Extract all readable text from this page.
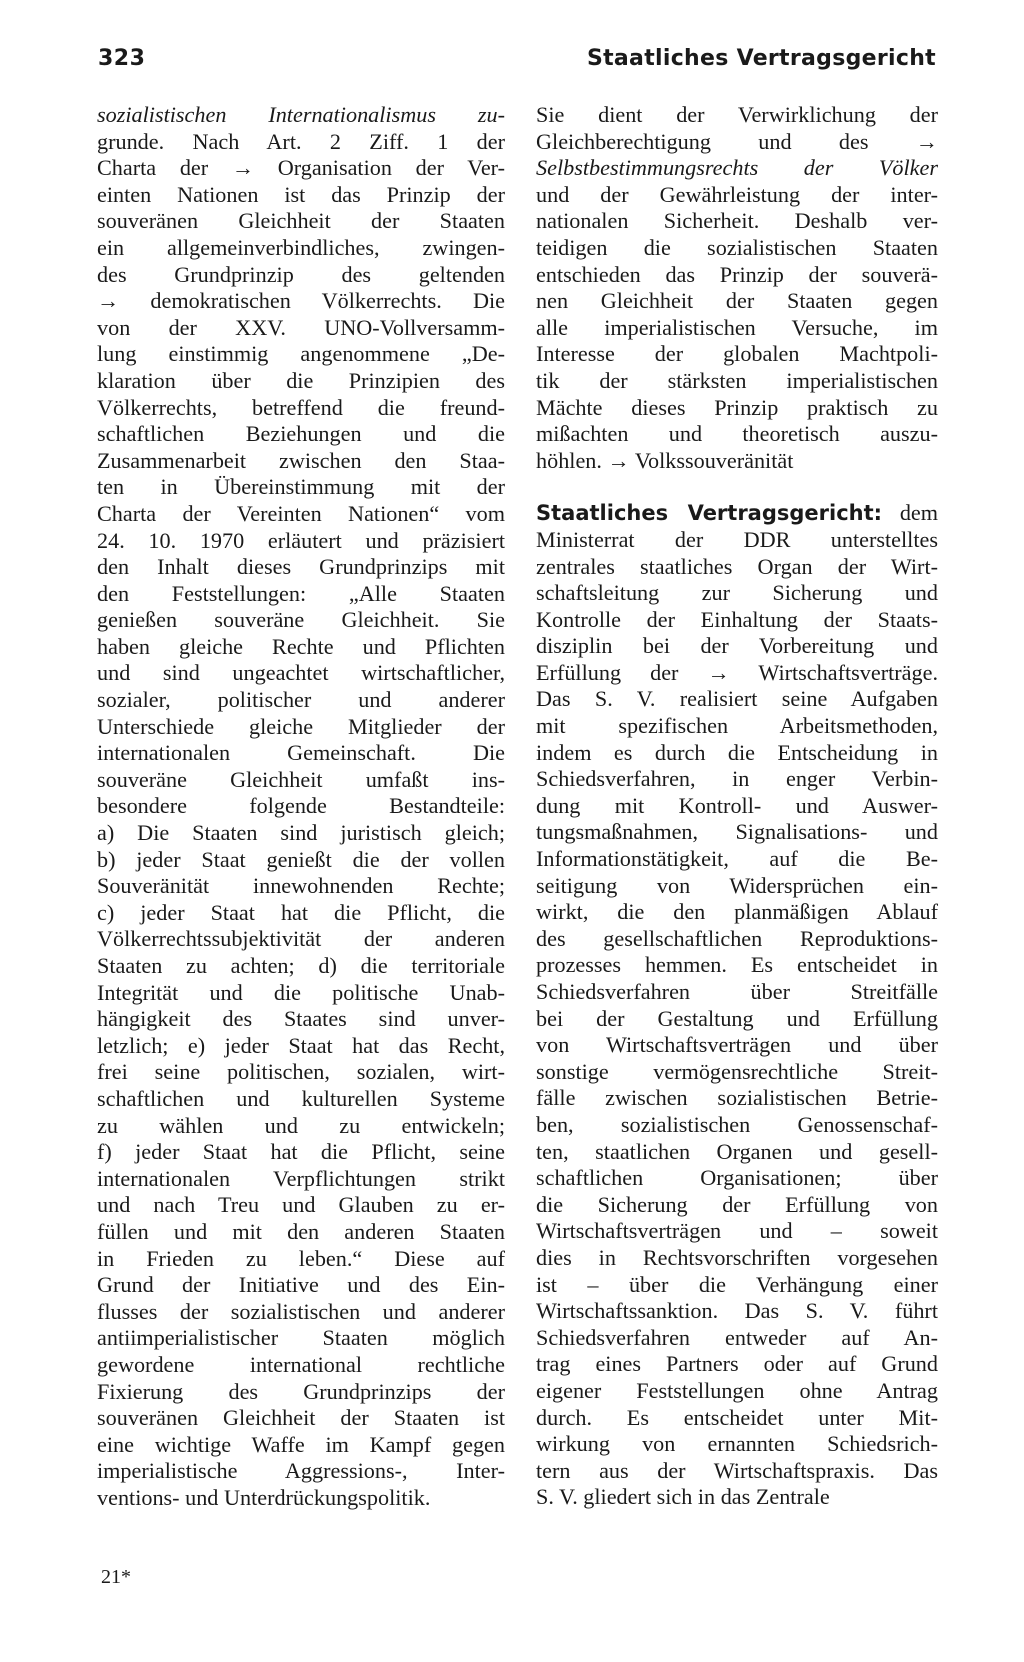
323	Staatliches Vertragsgericht
sozialistischen Internationalismus zu-
grunde. Nach Art. 2 Ziff. 1 der
Charta der → Organisation der Ver-
einten Nationen ist das Prinzip der
souveränen Gleichheit der Staaten
ein allgemeinverbindliches, zwingen-
des Grundprinzip des geltenden
→ demokratischen Völkerrechts. Die
von der XXV. UNO-Vollversamm-
lung einstimmig angenommene „De-
klaration über die Prinzipien des
Völkerrechts, betreffend die freund-
schaftlichen Beziehungen und die
Zusammenarbeit zwischen den Staa-
ten in Übereinstimmung mit der
Charta der Vereinten Nationen“ vom
24. 10. 1970 erläutert und präzisiert
den Inhalt dieses Grundprinzips mit
den Feststellungen: „Alle Staaten
genießen souveräne Gleichheit. Sie
haben gleiche Rechte und Pflichten
und sind ungeachtet wirtschaftlicher,
sozialer, politischer und anderer
Unterschiede gleiche Mitglieder der
internationalen Gemeinschaft. Die
souveräne Gleichheit umfaßt ins-
besondere folgende Bestandteile:
a) Die Staaten sind juristisch gleich;
b) jeder Staat genießt die der vollen
Souveränität innewohnenden Rechte;
c) jeder Staat hat die Pflicht, die
Völkerrechtssubjektivität der anderen
Staaten zu achten; d) die territoriale
Integrität und die politische Unab-
hängigkeit des Staates sind unver-
letzlich; e) jeder Staat hat das Recht,
frei seine politischen, sozialen, wirt-
schaftlichen und kulturellen Systeme
zu wählen und zu entwickeln;
f) jeder Staat hat die Pflicht, seine
internationalen Verpflichtungen strikt
und nach Treu und Glauben zu er-
füllen und mit den anderen Staaten
in Frieden zu leben.“ Diese auf
Grund der Initiative und des Ein-
flusses der sozialistischen und anderer
antiimperialistischer Staaten möglich
gewordene international rechtliche
Fixierung des Grundprinzips der
souveränen Gleichheit der Staaten ist
eine wichtige Waffe im Kampf gegen
imperialistische Aggressions-, Inter-
ventions- und Unterdrückungspolitik.
Sie dient der Verwirklichung der
Gleichberechtigung und des →
Selbstbestimmungsrechts der Völker
und der Gewährleistung der inter-
nationalen Sicherheit. Deshalb ver-
teidigen die sozialistischen Staaten
entschieden das Prinzip der souverä-
nen Gleichheit der Staaten gegen
alle imperialistischen Versuche, im
Interesse der globalen Machtpoli-
tik der stärksten imperialistischen
Mächte dieses Prinzip praktisch zu
mißachten und theoretisch auszu-
höhlen. → Volkssouveränität
Staatliches Vertragsgericht: dem
Ministerrat der DDR unterstelltes
zentrales staatliches Organ der Wirt-
schaftsleitung zur Sicherung und
Kontrolle der Einhaltung der Staats-
disziplin bei der Vorbereitung und
Erfüllung der → Wirtschaftsverträge.
Das S. V. realisiert seine Aufgaben
mit spezifischen Arbeitsmethoden,
indem es durch die Entscheidung in
Schiedsverfahren, in enger Verbin-
dung mit Kontroll- und Auswer-
tungsmaßnahmen, Signalisations- und
Informationstätigkeit, auf die Be-
seitigung von Widersprüchen ein-
wirkt, die den planmäßigen Ablauf
des gesellschaftlichen Reproduktions-
prozesses hemmen. Es entscheidet in
Schiedsverfahren über Streitfälle
bei der Gestaltung und Erfüllung
von Wirtschaftsverträgen und über
sonstige vermögensrechtliche Streit-
fälle zwischen sozialistischen Betrie-
ben, sozialistischen Genossenschaf-
ten, staatlichen Organen und gesell-
schaftlichen Organisationen; über
die Sicherung der Erfüllung von
Wirtschaftsverträgen und – soweit
dies in Rechtsvorschriften vorgesehen
ist – über die Verhängung einer
Wirtschaftssanktion. Das S. V. führt
Schiedsverfahren entweder auf An-
trag eines Partners oder auf Grund
eigener Feststellungen ohne Antrag
durch. Es entscheidet unter Mit-
wirkung von ernannten Schiedsrich-
tern aus der Wirtschaftspraxis. Das
S. V. gliedert sich in das Zentrale
21*
